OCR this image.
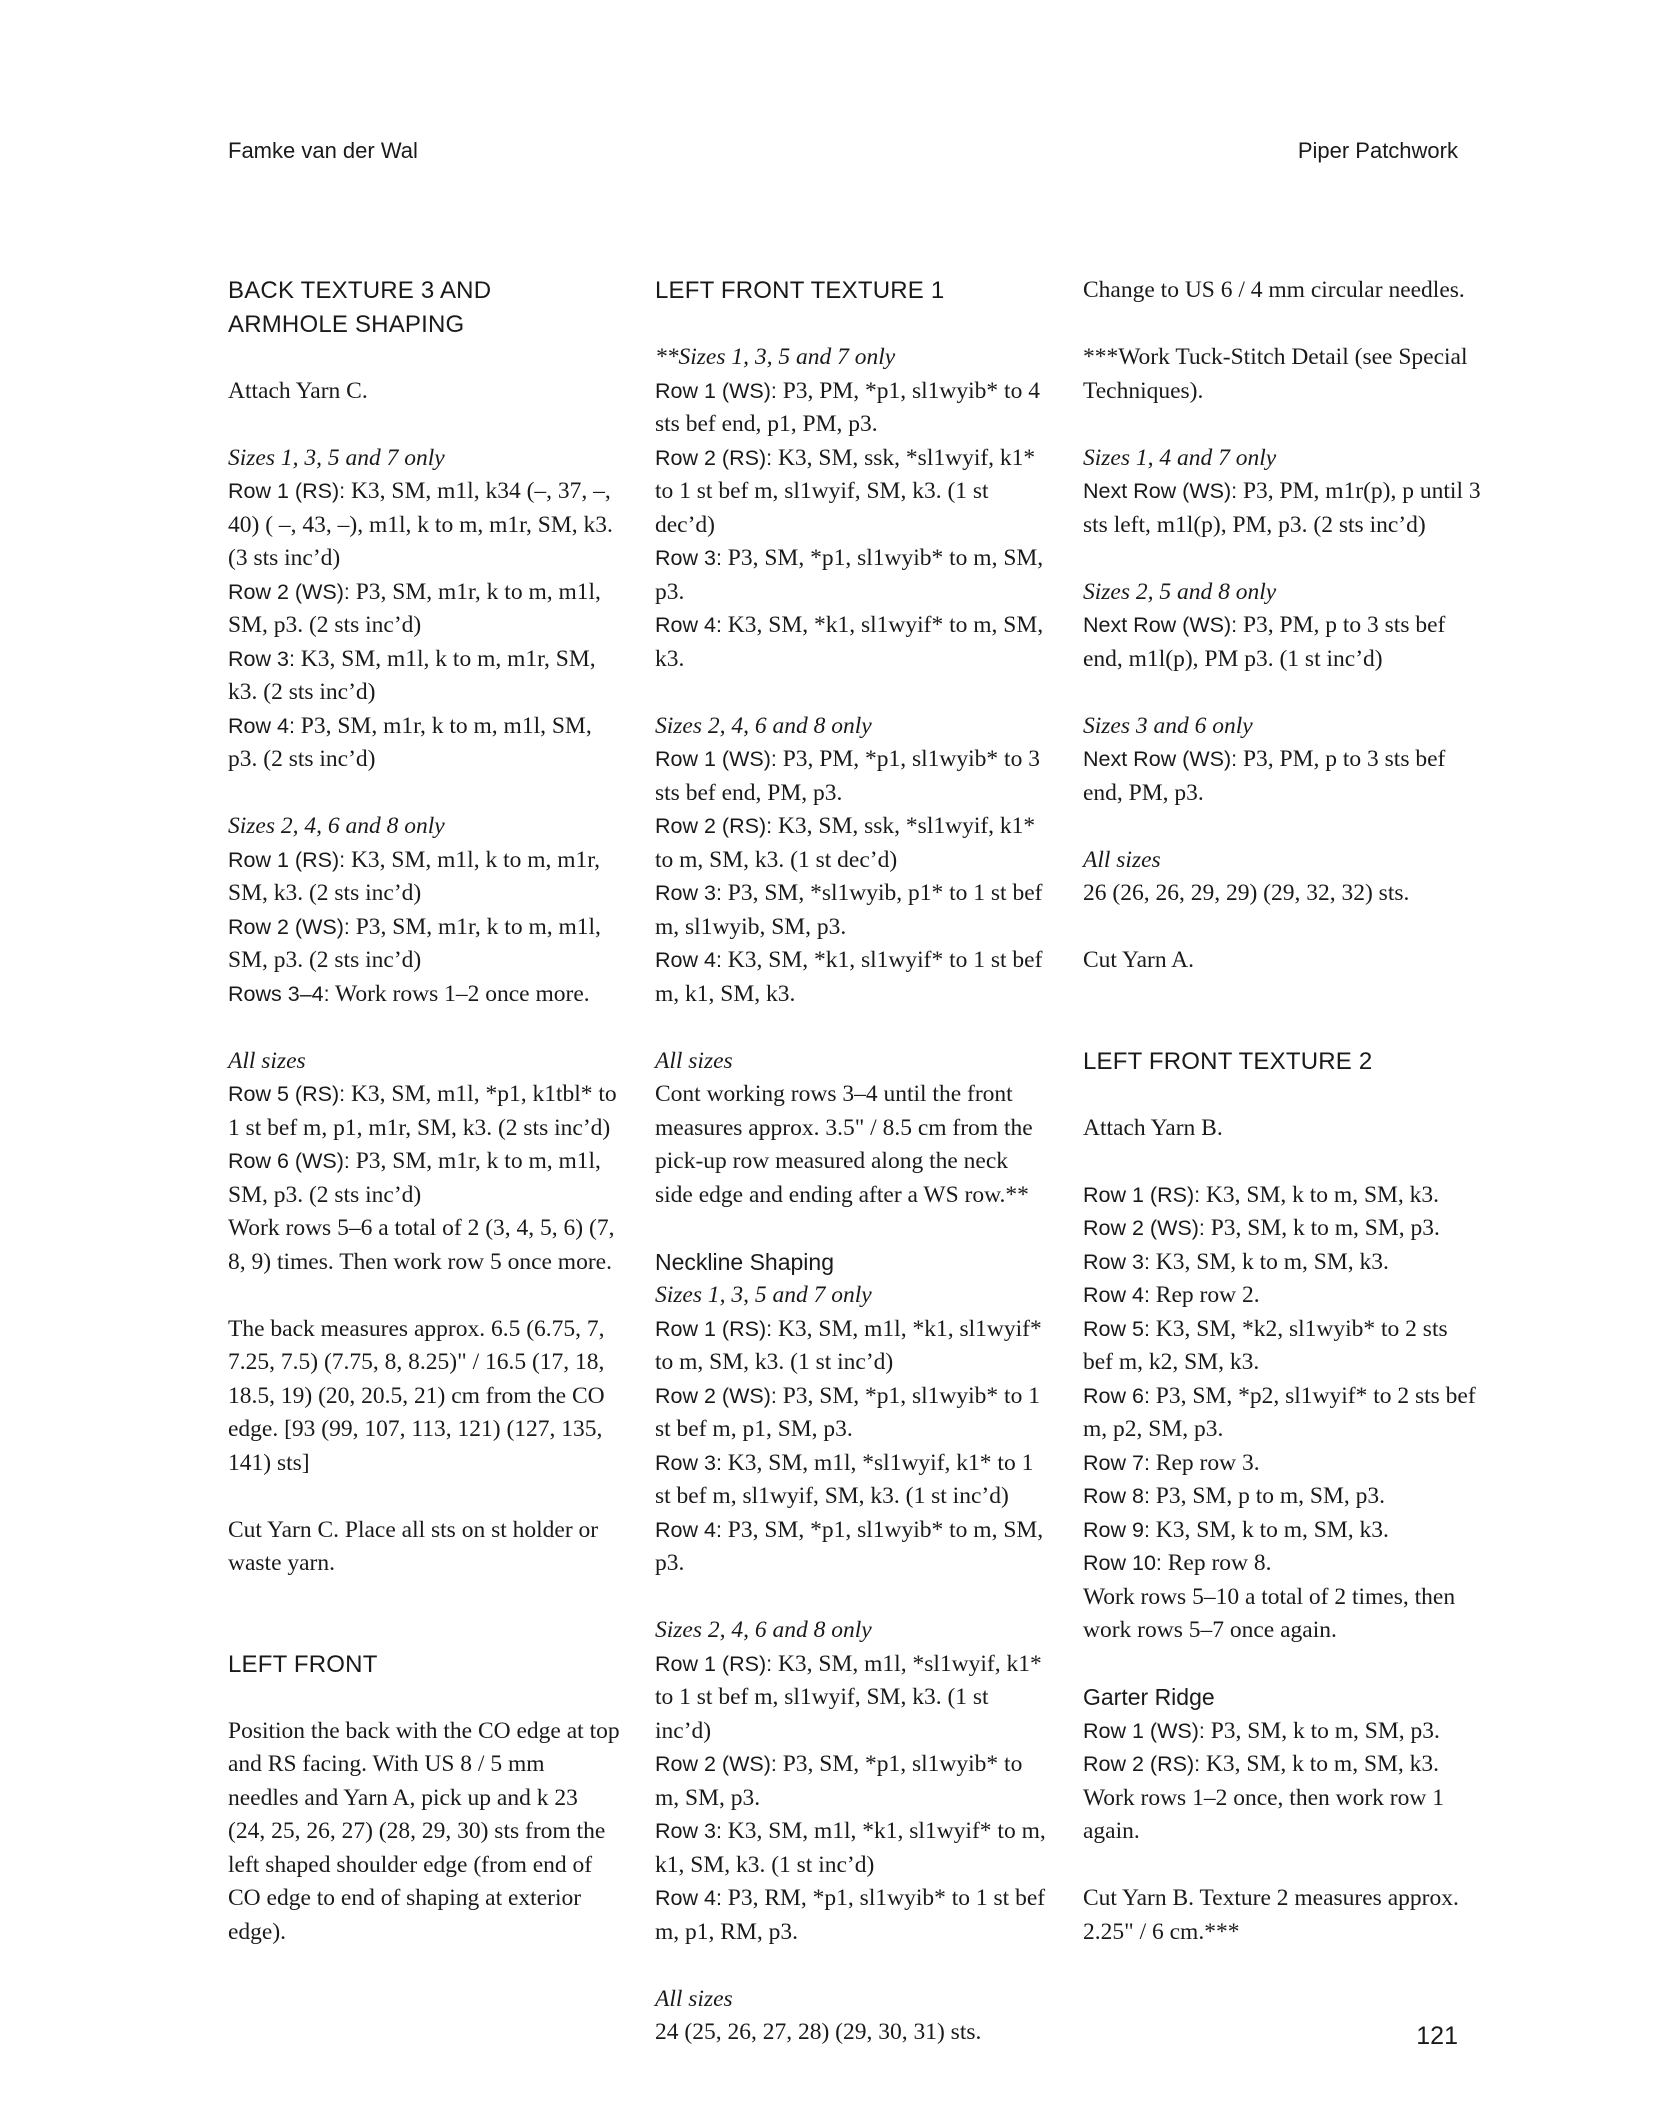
Famke van der Wal	Piper Patchwork
BACK TEXTURE 3 AND
ARMHOLE SHAPING
Attach Yarn C.
Sizes 1, 3, 5 and 7 only
Row 1 (RS): K3, SM, m1l, k34 (–, 37, –, 40) ( –, 43, –), m1l, k to m, m1r, SM, k3. (3 sts inc’d)
Row 2 (WS): P3, SM, m1r, k to m, m1l, SM, p3. (2 sts inc’d)
Row 3: K3, SM, m1l, k to m, m1r, SM, k3. (2 sts inc’d)
Row 4: P3, SM, m1r, k to m, m1l, SM, p3. (2 sts inc’d)
Sizes 2, 4, 6 and 8 only
Row 1 (RS): K3, SM, m1l, k to m, m1r, SM, k3. (2 sts inc’d)
Row 2 (WS): P3, SM, m1r, k to m, m1l, SM, p3. (2 sts inc’d)
Rows 3–4: Work rows 1–2 once more.
All sizes
Row 5 (RS): K3, SM, m1l, *p1, k1tbl* to 1 st bef m, p1, m1r, SM, k3. (2 sts inc’d)
Row 6 (WS): P3, SM, m1r, k to m, m1l, SM, p3. (2 sts inc’d)
Work rows 5–6 a total of 2 (3, 4, 5, 6) (7, 8, 9) times. Then work row 5 once more.
The back measures approx. 6.5 (6.75, 7, 7.25, 7.5) (7.75, 8, 8.25)" / 16.5 (17, 18, 18.5, 19) (20, 20.5, 21) cm from the CO edge. [93 (99, 107, 113, 121) (127, 135, 141) sts]
Cut Yarn C. Place all sts on st holder or waste yarn.
LEFT FRONT
Position the back with the CO edge at top and RS facing. With US 8 / 5 mm needles and Yarn A, pick up and k 23 (24, 25, 26, 27) (28, 29, 30) sts from the left shaped shoulder edge (from end of CO edge to end of shaping at exterior edge).
LEFT FRONT TEXTURE 1
**Sizes 1, 3, 5 and 7 only
Row 1 (WS): P3, PM, *p1, sl1wyib* to 4 sts bef end, p1, PM, p3.
Row 2 (RS): K3, SM, ssk, *sl1wyif, k1* to 1 st bef m, sl1wyif, SM, k3. (1 st dec’d)
Row 3: P3, SM, *p1, sl1wyib* to m, SM, p3.
Row 4: K3, SM, *k1, sl1wyif* to m, SM, k3.
Sizes 2, 4, 6 and 8 only
Row 1 (WS): P3, PM, *p1, sl1wyib* to 3 sts bef end, PM, p3.
Row 2 (RS): K3, SM, ssk, *sl1wyif, k1* to m, SM, k3. (1 st dec’d)
Row 3: P3, SM, *sl1wyib, p1* to 1 st bef m, sl1wyib, SM, p3.
Row 4: K3, SM, *k1, sl1wyif* to 1 st bef m, k1, SM, k3.
All sizes
Cont working rows 3–4 until the front measures approx. 3.5" / 8.5 cm from the pick-up row measured along the neck side edge and ending after a WS row.**
Neckline Shaping
Sizes 1, 3, 5 and 7 only
Row 1 (RS): K3, SM, m1l, *k1, sl1wyif* to m, SM, k3. (1 st inc’d)
Row 2 (WS): P3, SM, *p1, sl1wyib* to 1 st bef m, p1, SM, p3.
Row 3: K3, SM, m1l, *sl1wyif, k1* to 1 st bef m, sl1wyif, SM, k3. (1 st inc’d)
Row 4: P3, SM, *p1, sl1wyib* to m, SM, p3.
Sizes 2, 4, 6 and 8 only
Row 1 (RS): K3, SM, m1l, *sl1wyif, k1* to 1 st bef m, sl1wyif, SM, k3. (1 st inc’d)
Row 2 (WS): P3, SM, *p1, sl1wyib* to m, SM, p3.
Row 3: K3, SM, m1l, *k1, sl1wyif* to m, k1, SM, k3. (1 st inc’d)
Row 4: P3, RM, *p1, sl1wyib* to 1 st bef m, p1, RM, p3.
All sizes
24 (25, 26, 27, 28) (29, 30, 31) sts.
Change to US 6 / 4 mm circular needles.
***Work Tuck-Stitch Detail (see Special Techniques).
Sizes 1, 4 and 7 only
Next Row (WS): P3, PM, m1r(p), p until 3 sts left, m1l(p), PM, p3. (2 sts inc’d)
Sizes 2, 5 and 8 only
Next Row (WS): P3, PM, p to 3 sts bef end, m1l(p), PM p3. (1 st inc’d)
Sizes 3 and 6 only
Next Row (WS): P3, PM, p to 3 sts bef end, PM, p3.
All sizes
26 (26, 26, 29, 29) (29, 32, 32) sts.
Cut Yarn A.
LEFT FRONT TEXTURE 2
Attach Yarn B.
Row 1 (RS): K3, SM, k to m, SM, k3.
Row 2 (WS): P3, SM, k to m, SM, p3.
Row 3: K3, SM, k to m, SM, k3.
Row 4: Rep row 2.
Row 5: K3, SM, *k2, sl1wyib* to 2 sts bef m, k2, SM, k3.
Row 6: P3, SM, *p2, sl1wyif* to 2 sts bef m, p2, SM, p3.
Row 7: Rep row 3.
Row 8: P3, SM, p to m, SM, p3.
Row 9: K3, SM, k to m, SM, k3.
Row 10: Rep row 8.
Work rows 5–10 a total of 2 times, then work rows 5–7 once again.
Garter Ridge
Row 1 (WS): P3, SM, k to m, SM, p3.
Row 2 (RS): K3, SM, k to m, SM, k3.
Work rows 1–2 once, then work row 1 again.
Cut Yarn B. Texture 2 measures approx. 2.25" / 6 cm.***
121
